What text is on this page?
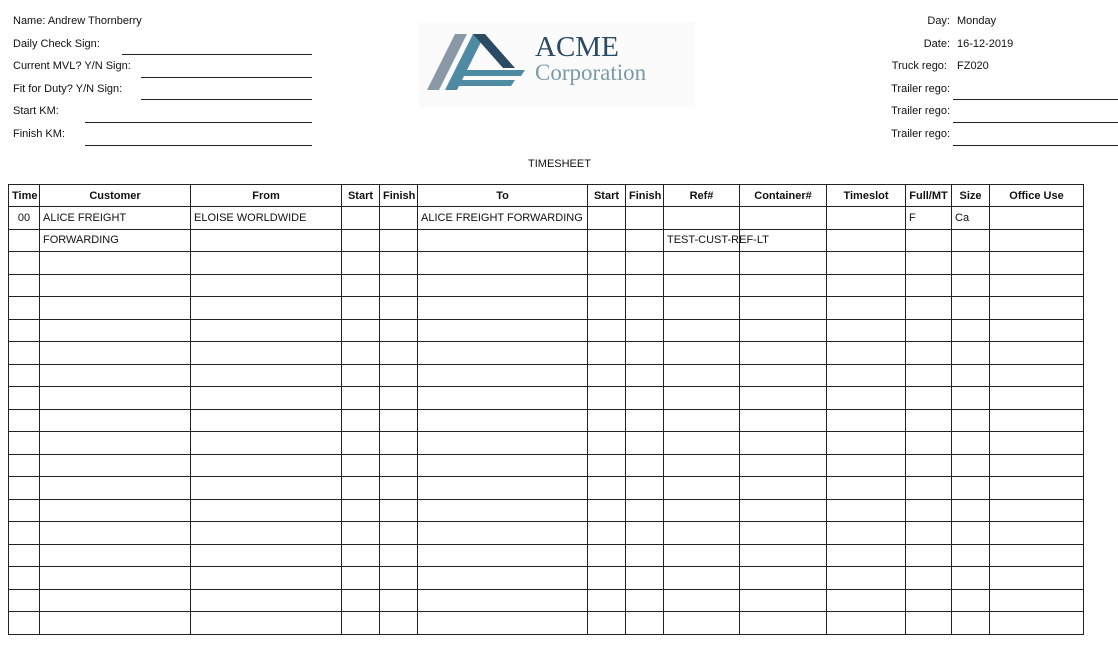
Name: Andrew Thornberry
Daily Check Sign:
Current MVL? Y/N Sign:
Fit for Duty? Y/N Sign:
Start KM:
Finish KM:
ACME
Corporation
Day: Monday
Date: 16-12-2019
Truck rego: FZ020
Trailer rego:
Trailer rego:
Trailer rego:
TIMESHEET
Time	Customer	From	Start	Finish	To	Start	Finish	Ref#	Container#	Timeslot	Full/MT	Size	Office Use
00	ALICE FREIGHT	ELOISE WORLDWIDE			ALICE FREIGHT FORWARDING						F	Ca	
	FORWARDING							TEST-CUST-REF-LT					
